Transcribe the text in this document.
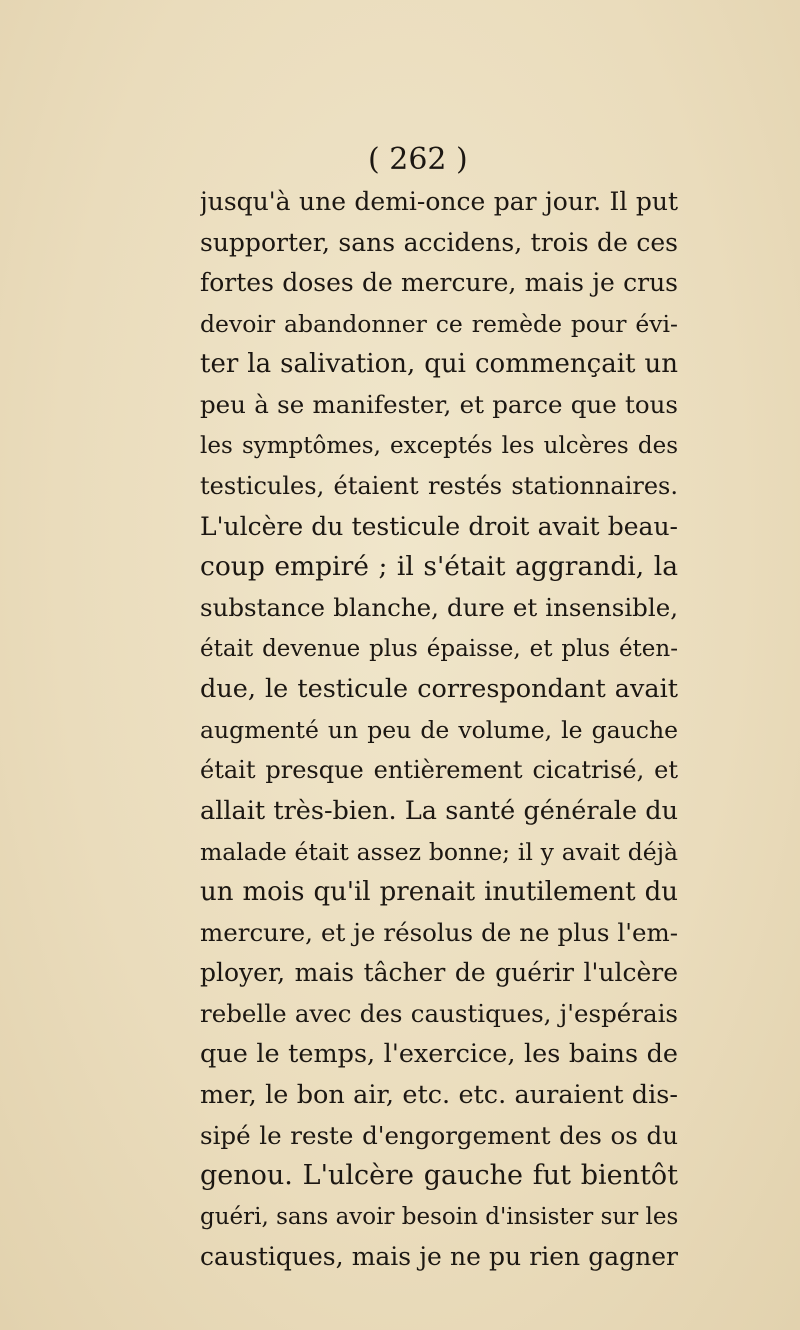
( 262 )
jusqu'à une demi-once par jour. Il put
supporter, sans accidens, trois de ces
fortes doses de mercure, mais je crus
devoir abandonner ce remède pour évi-
ter la salivation, qui commençait un
peu à se manifester, et parce que tous
les symptômes, exceptés les ulcères des
testicules, étaient restés stationnaires.
L'ulcère du testicule droit avait beau-
coup empiré ; il s'était aggrandi, la
substance blanche, dure et insensible,
était devenue plus épaisse, et plus éten-
due, le testicule correspondant avait
augmenté un peu de volume, le gauche
était presque entièrement cicatrisé, et
allait très-bien. La santé générale du
malade était assez bonne; il y avait déjà
un mois qu'il prenait inutilement du
mercure, et je résolus de ne plus l'em-
ployer, mais tâcher de guérir l'ulcère
rebelle avec des caustiques, j'espérais
que le temps, l'exercice, les bains de
mer, le bon air, etc. etc. auraient dis-
sipé le reste d'engorgement des os du
genou. L'ulcère gauche fut bientôt
guéri, sans avoir besoin d'insister sur les
caustiques, mais je ne pu rien gagner
